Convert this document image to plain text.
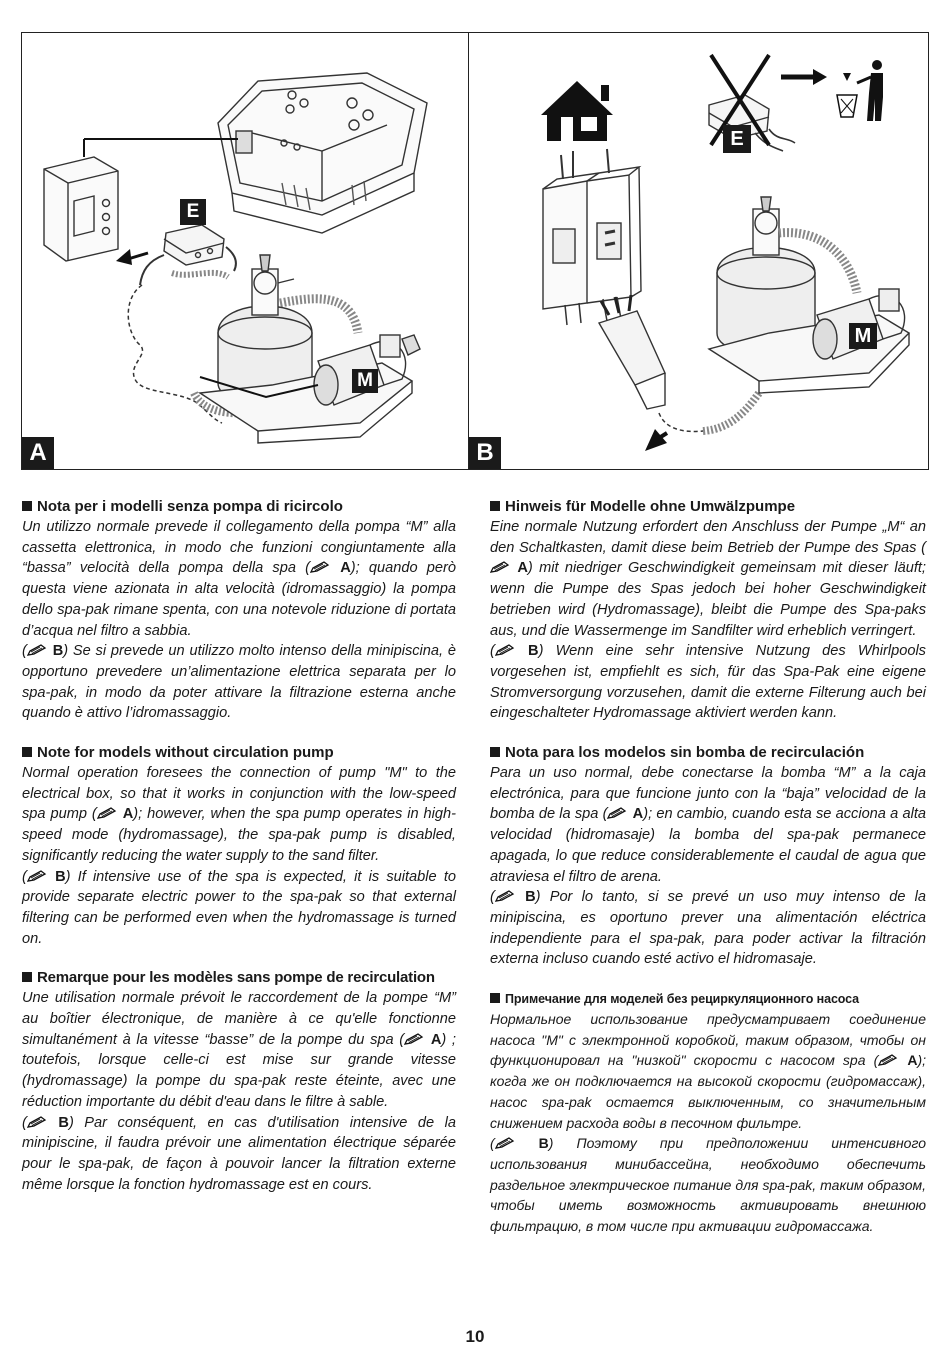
E
M
A
E
M
B
Nota per i modelli senza pompa di ricircolo

Un utilizzo normale prevede il collegamento della pompa “M” alla cassetta elettronica, in modo che funzioni congiuntamente alla “bassa” velocità della pompa della spa ( A); quando però questa viene azionata in alta velocità (idromassaggio) la pompa dello spa-pak rimane spenta, con una notevole riduzione di portata d’acqua nel filtro a sabbia.

( B) Se si prevede un utilizzo molto intenso della minipiscina, è opportuno prevedere un’alimentazione elettrica separata per lo spa-pak, in modo da poter attivare la filtrazione esterna anche quando è attivo l’idromassaggio.

Note for models without circulation pump

Normal operation foresees the connection of pump "M" to the electrical box, so that it works in conjunction with the low-speed spa pump ( A); however, when the spa pump operates in high-speed mode (hydromassage), the spa-pak pump is disabled, significantly reducing the water supply to the sand filter.

( B) If intensive use of the spa is expected, it is suitable to provide separate electric power to the spa-pak so that external filtering can be performed even when the hydromassage is turned on.

Remarque pour les modèles sans pompe de recirculation

Une utilisation normale prévoit le raccordement de la pompe “M” au boîtier électronique, de manière à ce qu'elle fonctionne simultanément à la vitesse “basse” de la pompe du spa ( A) ; toutefois, lorsque celle-ci est mise sur grande vitesse (hydromassage) la pompe du spa-pak reste éteinte, avec une réduction importante du débit d'eau dans le filtre à sable.

( B) Par conséquent, en cas d'utilisation intensive de la minipiscine, il faudra prévoir une alimentation électrique séparée pour le spa-pak, de façon à pouvoir lancer la filtration externe même lorsque la fonction hydromassage est en cours.

Hinweis für Modelle ohne Umwälzpumpe

Eine normale Nutzung erfordert den Anschluss der Pumpe „M“ an den Schaltkasten, damit diese beim Betrieb der Pumpe des Spas ( A) mit niedriger Geschwindigkeit gemeinsam mit dieser läuft; wenn die Pumpe des Spas jedoch bei hoher Geschwindigkeit betrieben wird (Hydromassage), bleibt die Pumpe des Spa-paks aus, und die Wassermenge im Sandfilter wird erheblich verringert.

( B) Wenn eine sehr intensive Nutzung des Whirlpools vorgesehen ist, empfiehlt es sich, für das Spa-Pak eine eigene Stromversorgung vorzusehen, damit die externe Filterung auch bei eingeschalteter Hydromassage aktiviert werden kann.

Nota para los modelos sin bomba de recirculación

Para un uso normal, debe conectarse la bomba “M” a la caja electrónica, para que funcione junto con la “baja” velocidad de la bomba de la spa ( A); en cambio, cuando esta se acciona a alta velocidad (hidromasaje) la bomba del spa-pak permanece apagada, lo que reduce considerablemente el caudal de agua que atraviesa el filtro de arena.

( B) Por lo tanto, si se prevé un uso muy intenso de la minipiscina, es oportuno prever una alimentación eléctrica independiente para el spa-pak, para poder activar la filtración externa incluso cuando esté activo el hidromasaje.

Примечание для моделей без рециркуляционного насоса

Нормальное использование предусматривает соединение насоса "M" с электронной коробкой, таким образом, чтобы он функционировал на "низкой" скорости с насосом spa ( A); когда же он подключается на высокой скорости (гидромассаж), насос spa-pak остается выключенным, со значительным снижением расхода воды в песочном фильтре.

(	B) Поэтому при предположении интенсивного использования минибассейна, необходимо обеспечить раздельное электрическое питание для spa-pak, таким образом, чтобы иметь возможность активировать внешнюю фильтрацию, в том числе при активации гидромассажа.

10
